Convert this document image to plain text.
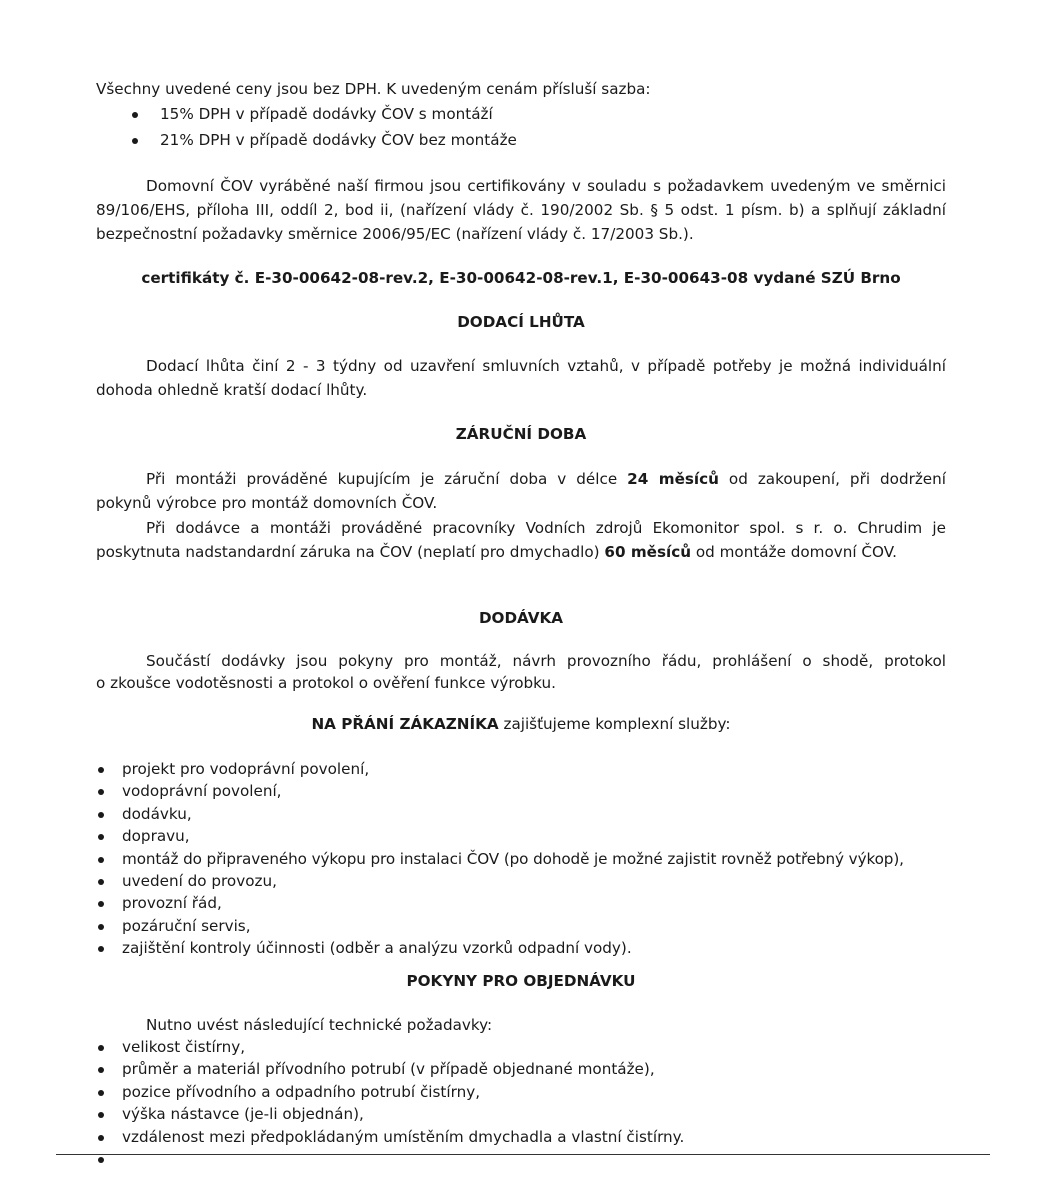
Všechny uvedené ceny jsou bez DPH. K uvedeným cenám přísluší sazba:

15% DPH v případě dodávky ČOV s montáží
21% DPH v případě dodávky ČOV bez montáže

Domovní ČOV vyráběné naší firmou jsou certifikovány v souladu s požadavkem uvedeným ve směrnici

89/106/EHS, příloha III, oddíl 2, bod ii, (nařízení vlády č. 190/2002 Sb. § 5 odst. 1 písm. b) a splňují základní

bezpečnostní požadavky směrnice 2006/95/EC (nařízení vlády č. 17/2003 Sb.).

certifikáty č. E-30-00642-08-rev.2, E-30-00642-08-rev.1, E-30-00643-08 vydané SZÚ Brno

DODACÍ LHŮTA

Dodací lhůta činí 2 - 3 týdny od uzavření smluvních vztahů, v případě potřeby je možná individuální

dohoda ohledně kratší dodací lhůty.

ZÁRUČNÍ DOBA

Při montáži prováděné kupujícím je záruční doba v délce 24 měsíců od zakoupení, při dodržení

pokynů výrobce pro montáž domovních ČOV.

Při dodávce a montáži prováděné pracovníky Vodních zdrojů Ekomonitor spol. s r. o. Chrudim je

poskytnuta nadstandardní záruka na ČOV (neplatí pro dmychadlo) 60 měsíců od montáže domovní ČOV.

DODÁVKA

Součástí dodávky jsou pokyny pro montáž, návrh provozního řádu, prohlášení o shodě, protokol

o zkoušce vodotěsnosti a protokol o ověření funkce výrobku.

NA PŘÁNÍ ZÁKAZNÍKA zajišťujeme komplexní služby:

projekt pro vodoprávní povolení,
vodoprávní povolení,
dodávku,
dopravu,
montáž do připraveného výkopu pro instalaci ČOV (po dohodě je možné zajistit rovněž potřebný výkop),
uvedení do provozu,
provozní řád,
pozáruční servis,
zajištění kontroly účinnosti (odběr a analýzu vzorků odpadní vody).

POKYNY PRO OBJEDNÁVKU

Nutno uvést následující technické požadavky:

velikost čistírny,
průměr a materiál přívodního potrubí (v případě objednané montáže),
pozice přívodního a odpadního potrubí čistírny,
výška nástavce (je-li objednán),
vzdálenost mezi předpokládaným umístěním dmychadla a vlastní čistírny.
